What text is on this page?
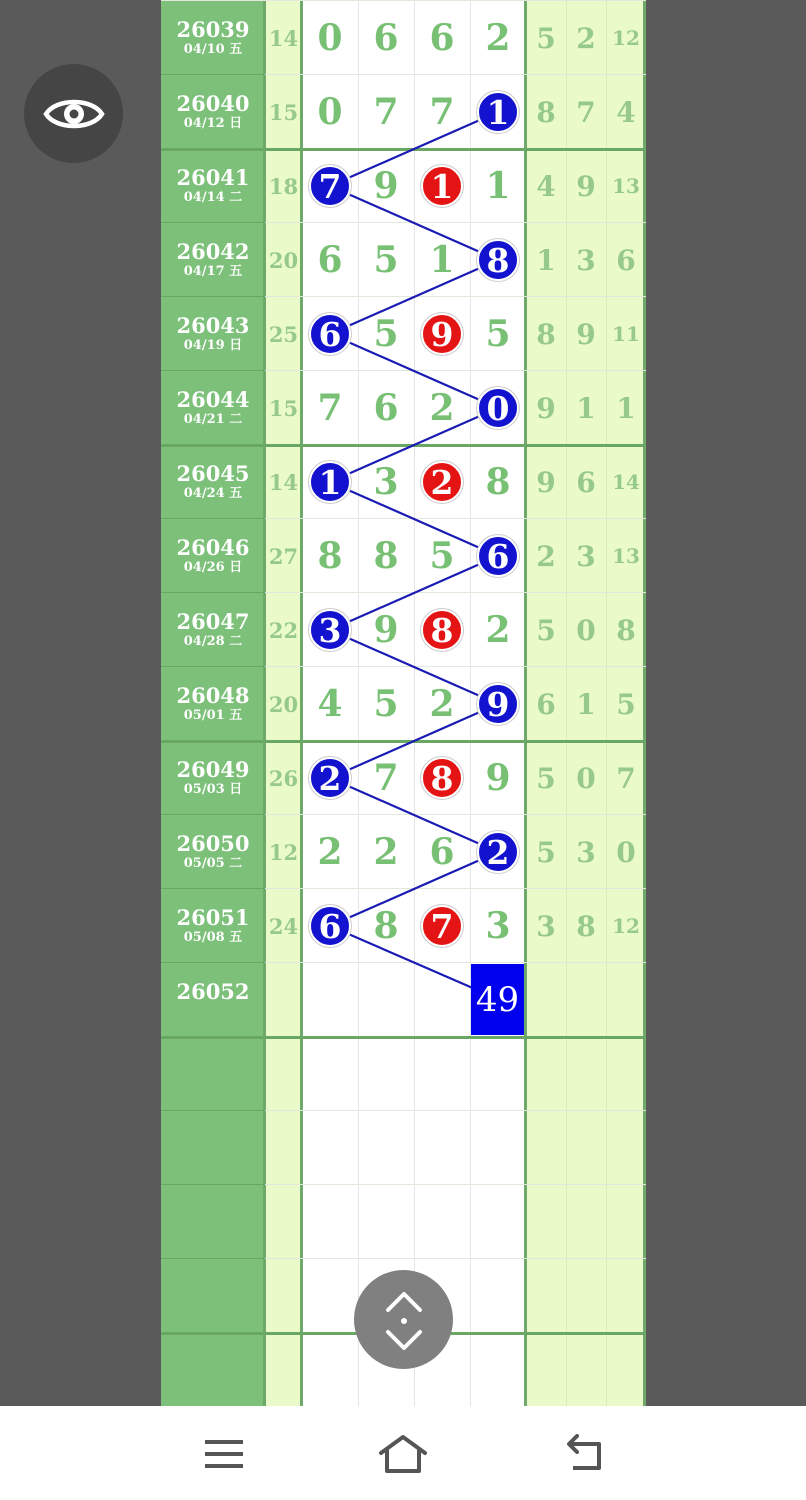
26039
04/10 五 14 0 6 6 2 5 2 12
26040
04/12 日 15 0 7 7 1 8 7 4
26041
04/14 二 18 7 9 1 1 4 9 13
26042
04/17 五 20 6 5 1 8 1 3 6
26043
04/19 日 25 6 5 9 5 8 9 11
26044
04/21 二 15 7 6 2 0 9 1 1
26045
04/24 五 14 1 3 2 8 9 6 14
26046
04/26 日 27 8 8 5 6 2 3 13
26047
04/28 二 22 3 9 8 2 5 0 8
26048
05/01 五 20 4 5 2 9 6 1 5
26049
05/03 日 26 2 7 8 9 5 0 7
26050
05/05 二 12 2 2 6 2 5 3 0
26051
05/08 五 24 6 8 7 3 3 8 12
26052	49
